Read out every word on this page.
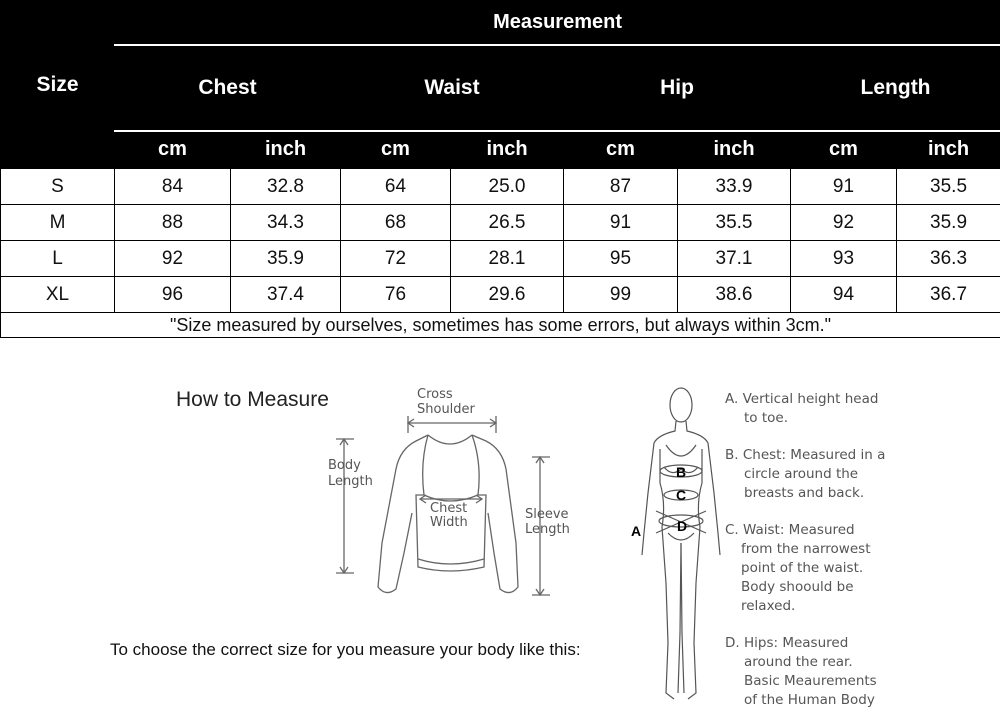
Size	Measurement							
	Chest		Waist		Hip		Length	
	cm	inch	cm	inch	cm	inch	cm	inch
S	84	32.8	64	25.0	87	33.9	91	35.5
M	88	34.3	68	26.5	91	35.5	92	35.9
L	92	35.9	72	28.1	95	37.1	93	36.3
XL	96	37.4	76	29.6	99	38.6	94	36.7
"Size measured by ourselves, sometimes has some errors, but always within 3cm."								
How to Measure
To choose the correct size for you measure your body like this:
Cross
Shoulder
Body
Length
Chest
Width
Sleeve
Length
B
C
A	D
A. Vertical height head
to toe.
B. Chest: Measured in a
circle around the
breasts and back.
C. Waist: Measured
from the narrowest
point of the waist.
Body shoould be
relaxed.
D. Hips: Measured
around the rear.
Basic Meaurements
of the Human Body
